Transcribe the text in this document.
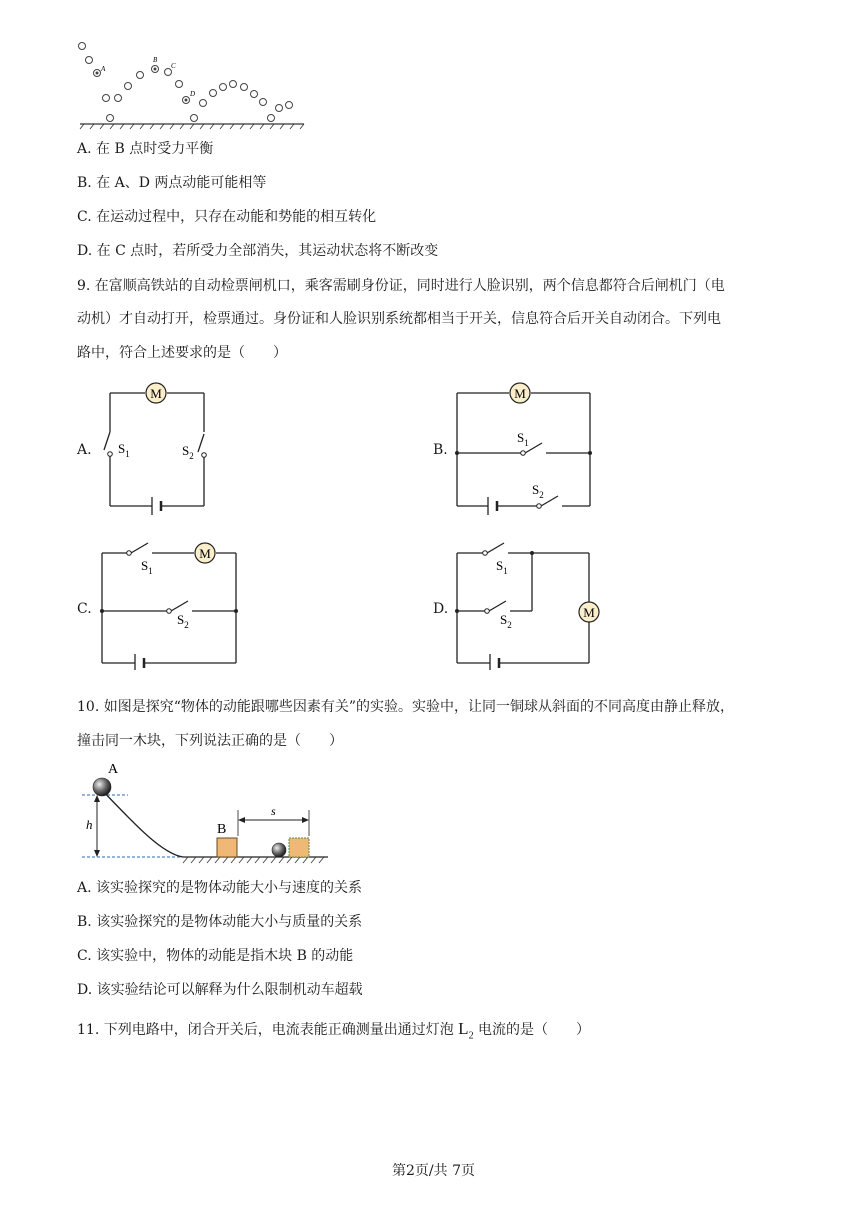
A
B
C
D
A. 在 B 点时受力平衡
B. 在 A、D 两点动能可能相等
C. 在运动过程中，只存在动能和势能的相互转化
D. 在 C 点时，若所受力全部消失，其运动状态将不断改变
9. 在富顺高铁站的自动检票闸机口，乘客需刷身份证，同时进行人脸识别，两个信息都符合后闸机门（电
动机）才自动打开，检票通过。身份证和人脸识别系统都相当于开关，信息符合后开关自动闭合。下列电
路中，符合上述要求的是（　　）
A.	B.
C.	D.
M
$S_1$	$S_2$
M
$S_1$
$S_2$
M
$S_1$
$S_2$
M
$S_1$
$S_2$
10. 如图是探究“物体的动能跟哪些因素有关”的实验。实验中，让同一铜球从斜面的不同高度由静止释放，
撞击同一木块，下列说法正确的是（　　）
h
A
B
s
A. 该实验探究的是物体动能大小与速度的关系
B. 该实验探究的是物体动能大小与质量的关系
C. 该实验中，物体的动能是指木块 B 的动能
D. 该实验结论可以解释为什么限制机动车超载
11. 下列电路中，闭合开关后，电流表能正确测量出通过灯泡 $L_2$ 电流的是（　　）
第2页/共 7页
